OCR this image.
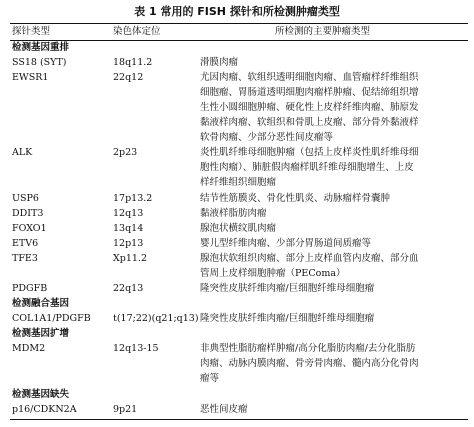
表 1 常用的 FISH 探针和所检测肿瘤类型
探针类型	染色体定位	所检测的主要肿瘤类型
检测基因重排
SS18 (SYT)	18q11.2	滑膜肉瘤
EWSR1	22q12	尤因肉瘤、软组织透明细胞肉瘤、血管瘤样纤维组织
细胞瘤、胃肠道透明细胞肉瘤样肿瘤、促结缔组织增
生性小圆细胞肿瘤、硬化性上皮样纤维肉瘤、肺原发
黏液样肉瘤、软组织和骨肌上皮瘤、部分骨外黏液样
软骨肉瘤、少部分恶性间皮瘤等
ALK	2p23	炎性肌纤维母细胞肿瘤（包括上皮样炎性肌纤维母细
胞性肉瘤）、肺脏假肉瘤样肌纤维母细胞增生、上皮
样纤维组织细胞瘤
USP6	17p13.2	结节性筋膜炎、骨化性肌炎、动脉瘤样骨囊肿
DDIT3	12q13	黏液样脂肪肉瘤
FOXO1	13q14	腺泡状横纹肌肉瘤
ETV6	12p13	婴儿型纤维肉瘤、少部分胃肠道间质瘤等
TFE3	Xp11.2	腺泡状软组织肉瘤、部分上皮样血管内皮瘤、部分血
管周上皮样细胞肿瘤（PEComa）
PDGFB	22q13	隆突性皮肤纤维肉瘤/巨细胞纤维母细胞瘤
检测融合基因
COL1A1/PDGFB t(17;22)(q21;q13) 隆突性皮肤纤维肉瘤/巨细胞纤维母细胞瘤
检测基因扩增
MDM2	12q13-15	非典型性脂肪瘤样肿瘤/高分化脂肪肉瘤/去分化脂肪
肉瘤、动脉内膜肉瘤、骨旁骨肉瘤、髓内高分化骨肉
瘤等
检测基因缺失
p16/CDKN2A	9p21	恶性间皮瘤
